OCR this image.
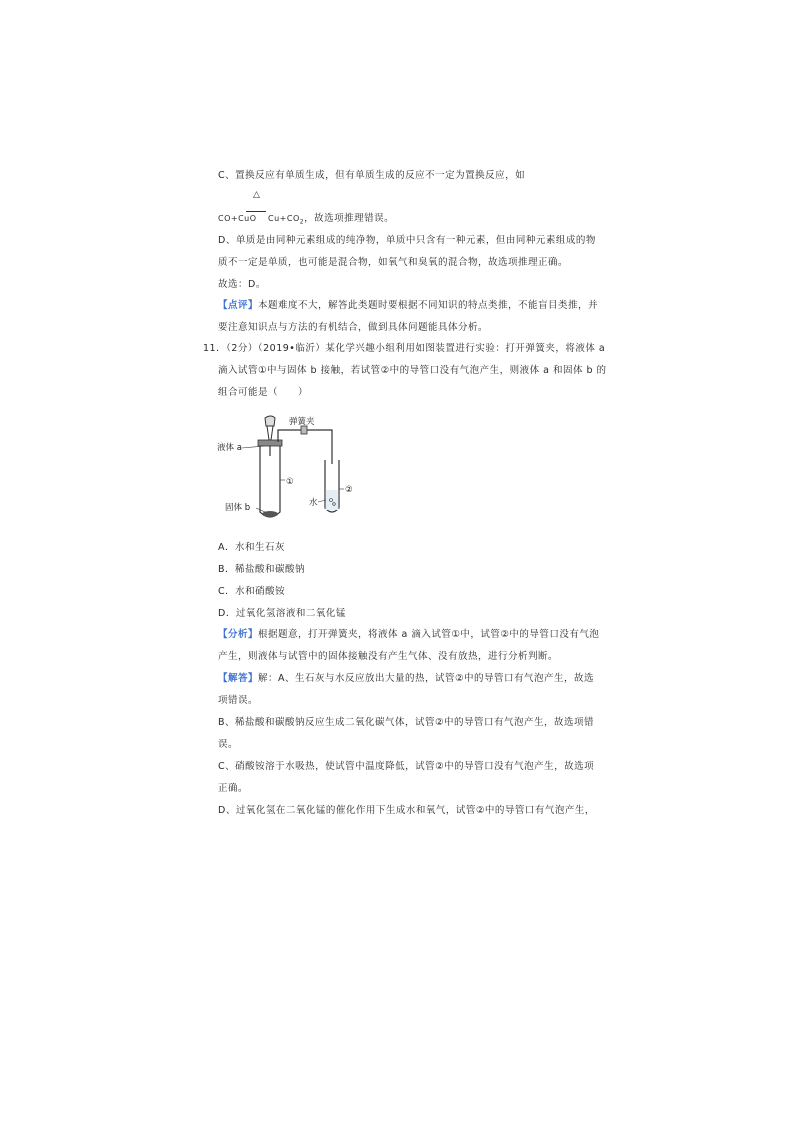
C、置换反应有单质生成，但有单质生成的反应不一定为置换反应，如
△
CO+CuO $Cu+CO_2$，故选项推理错误。
D、单质是由同种元素组成的纯净物，单质中只含有一种元素，但由同种元素组成的物
质不一定是单质，也可能是混合物，如氧气和臭氧的混合物，故选项推理正确。
故选：D。
【点评】本题难度不大，解答此类题时要根据不同知识的特点类推，不能盲目类推，并
要注意知识点与方法的有机结合，做到具体问题能具体分析。
11．（2分）（2019•临沂）某化学兴趣小组利用如图装置进行实验：打开弹簧夹，将液体 a
滴入试管①中与固体 b 接触，若试管②中的导管口没有气泡产生，则液体 a 和固体 b 的
组合可能是（　　）
弹簧夹
液体 a
①
固体 b	水
②
A．水和生石灰
B．稀盐酸和碳酸钠
C．水和硝酸铵
D．过氧化氢溶液和二氧化锰
【分析】根据题意，打开弹簧夹，将液体 a 滴入试管①中，试管②中的导管口没有气泡
产生，则液体与试管中的固体接触没有产生气体、没有放热，进行分析判断。
【解答】解：A、生石灰与水反应放出大量的热，试管②中的导管口有气泡产生，故选
项错误。
B、稀盐酸和碳酸钠反应生成二氧化碳气体，试管②中的导管口有气泡产生，故选项错
误。
C、硝酸铵溶于水吸热，使试管中温度降低，试管②中的导管口没有气泡产生，故选项
正确。
D、过氧化氢在二氧化锰的催化作用下生成水和氧气，试管②中的导管口有气泡产生，
